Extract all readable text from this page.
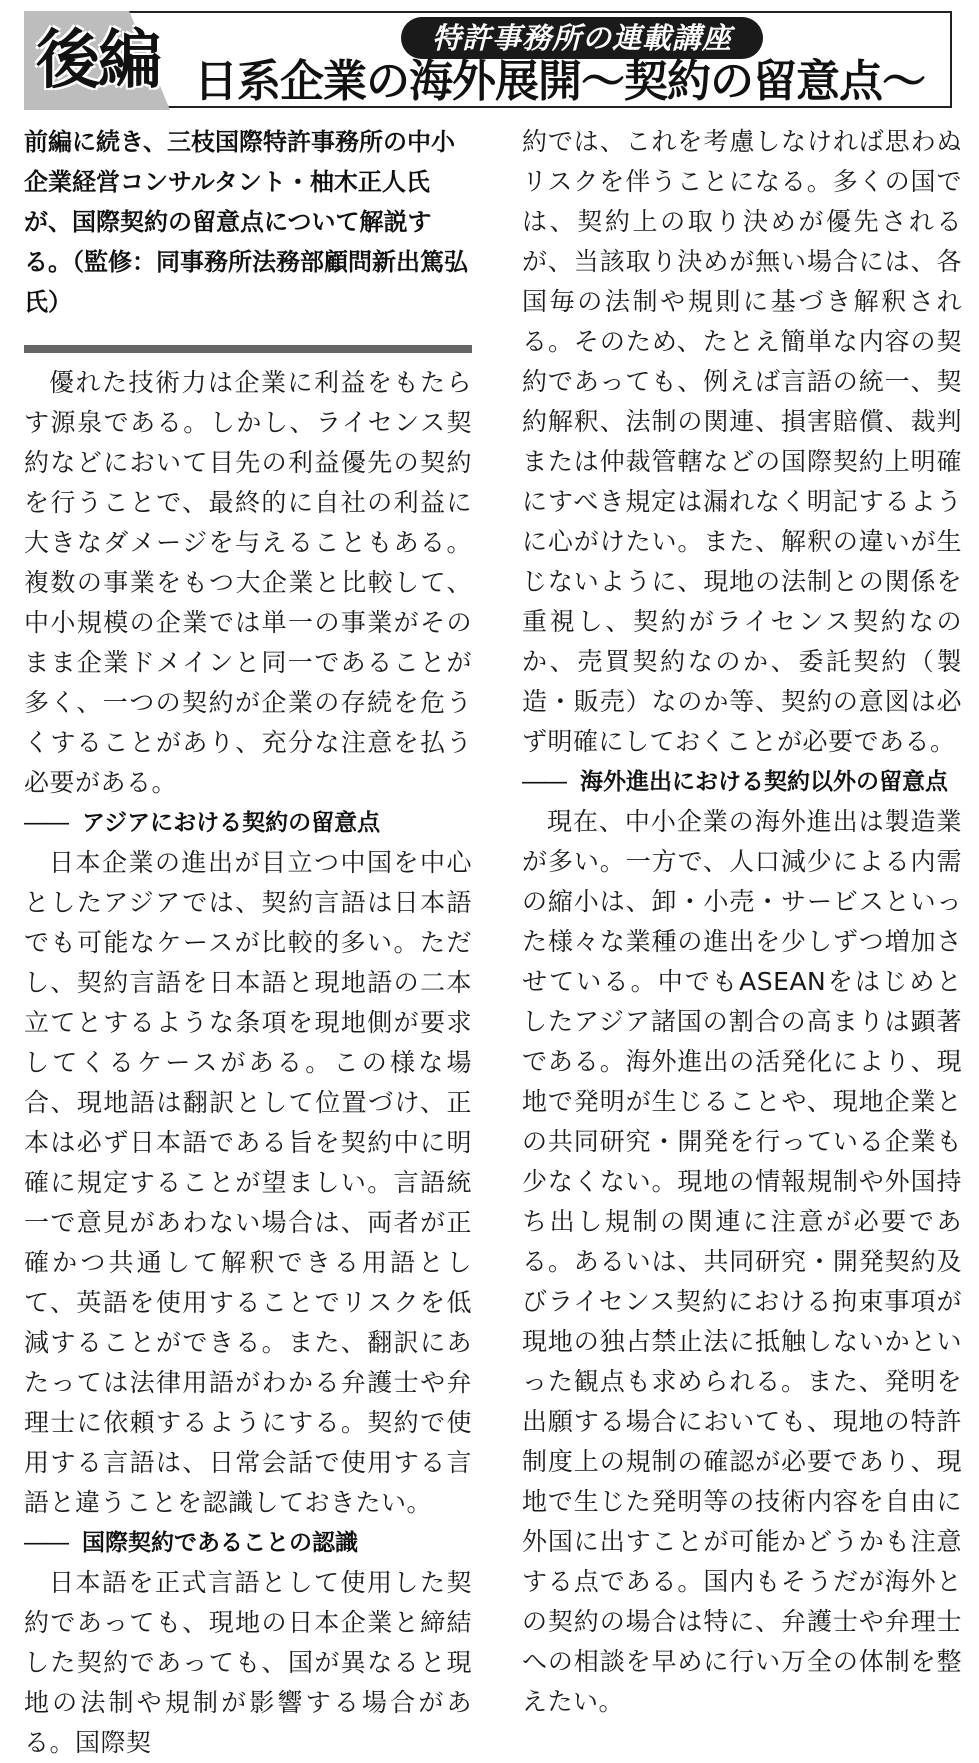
後編	特許事務所の連載講座
日系企業の海外展開〜契約の留意点〜

前編に続き、三枝国際特許事務所の中小企業経営コンサルタント・柚木正人氏が、国際契約の留意点について解説する。（監修：同事務所法務部顧問新出篤弘氏）

優れた技術力は企業に利益をもたらす源泉である。しかし、ライセンス契約などにおいて目先の利益優先の契約を行うことで、最終的に自社の利益に大きなダメージを与えることもある。複数の事業をもつ大企業と比較して、中小規模の企業では単一の事業がそのまま企業ドメインと同一であることが多く、一つの契約が企業の存続を危うくすることがあり、充分な注意を払う必要がある。

―― アジアにおける契約の留意点

日本企業の進出が目立つ中国を中心としたアジアでは、契約言語は日本語でも可能なケースが比較的多い。ただし、契約言語を日本語と現地語の二本立てとするような条項を現地側が要求してくるケースがある。この様な場合、現地語は翻訳として位置づけ、正本は必ず日本語である旨を契約中に明確に規定することが望ましい。言語統一で意見があわない場合は、両者が正確かつ共通して解釈できる用語として、英語を使用することでリスクを低減することができる。また、翻訳にあたっては法律用語がわかる弁護士や弁理士に依頼するようにする。契約で使用する言語は、日常会話で使用する言語と違うことを認識しておきたい。

―― 国際契約であることの認識

日本語を正式言語として使用した契約であっても、現地の日本企業と締結した契約であっても、国が異なると現地の法制や規制が影響する場合がある。国際契

約では、これを考慮しなければ思わぬリスクを伴うことになる。多くの国では、契約上の取り決めが優先されるが、当該取り決めが無い場合には、各国毎の法制や規則に基づき解釈される。そのため、たとえ簡単な内容の契約であっても、例えば言語の統一、契約解釈、法制の関連、損害賠償、裁判または仲裁管轄などの国際契約上明確にすべき規定は漏れなく明記するように心がけたい。また、解釈の違いが生じないように、現地の法制との関係を重視し、契約がライセンス契約なのか、売買契約なのか、委託契約（製造・販売）なのか等、契約の意図は必ず明確にしておくことが必要である。

―― 海外進出における契約以外の留意点

現在、中小企業の海外進出は製造業が多い。一方で、人口減少による内需の縮小は、卸・小売・サービスといった様々な業種の進出を少しずつ増加させている。中でもASEANをはじめとしたアジア諸国の割合の高まりは顕著である。海外進出の活発化により、現地で発明が生じることや、現地企業との共同研究・開発を行っている企業も少なくない。現地の情報規制や外国持ち出し規制の関連に注意が必要である。あるいは、共同研究・開発契約及びライセンス契約における拘束事項が現地の独占禁止法に抵触しないかといった観点も求められる。また、発明を出願する場合においても、現地の特許制度上の規制の確認が必要であり、現地で生じた発明等の技術内容を自由に外国に出すことが可能かどうかも注意する点である。国内もそうだが海外との契約の場合は特に、弁護士や弁理士への相談を早めに行い万全の体制を整えたい。
